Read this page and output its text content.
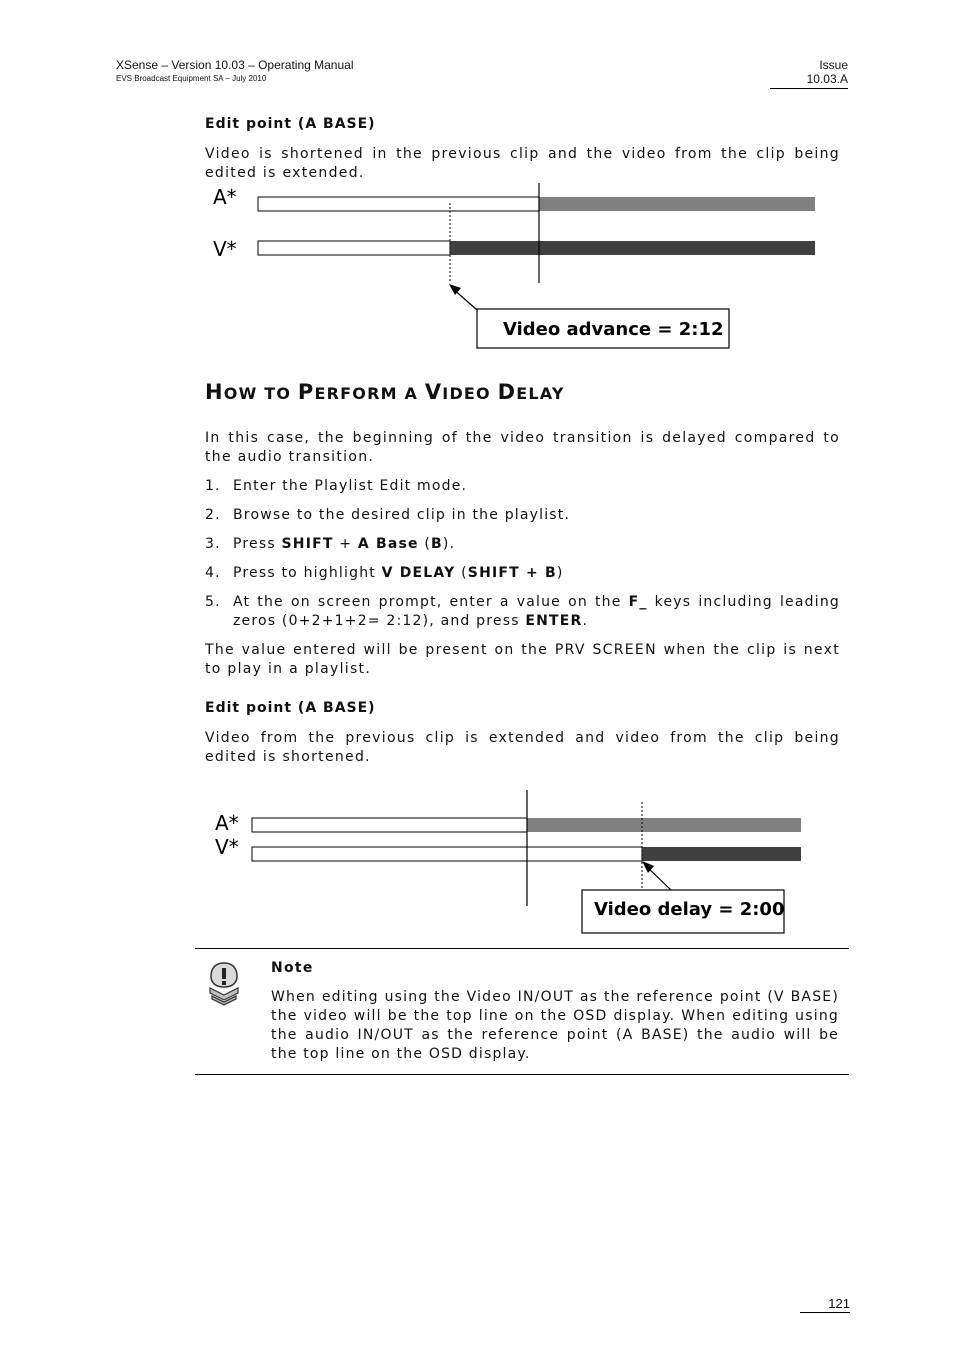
XSense – Version 10.03 – Operating Manual
EVS Broadcast Equipment SA – July 2010
Issue
10.03.A
Edit point (A BASE)
Video is shortened in the previous clip and the video from the clip being edited is extended.
A*
V*
Video advance = 2:12
HOW TO PERFORM A VIDEO DELAY
In this case, the beginning of the video transition is delayed compared to the audio transition.
1. Enter the Playlist Edit mode.
2. Browse to the desired clip in the playlist.
3. Press SHIFT + A Base (B).
4. Press to highlight V DELAY (SHIFT + B)
5. At the on screen prompt, enter a value on the F_ keys including leading zeros (0+2+1+2= 2:12), and press ENTER.
The value entered will be present on the PRV SCREEN when the clip is next to play in a playlist.
Edit point (A BASE)
Video from the previous clip is extended and video from the clip being edited is shortened.
A*
V*
Video delay = 2:00
Note
When editing using the Video IN/OUT as the reference point (V BASE) the video will be the top line on the OSD display. When editing using the audio IN/OUT as the reference point (A BASE) the audio will be the top line on the OSD display.
121
